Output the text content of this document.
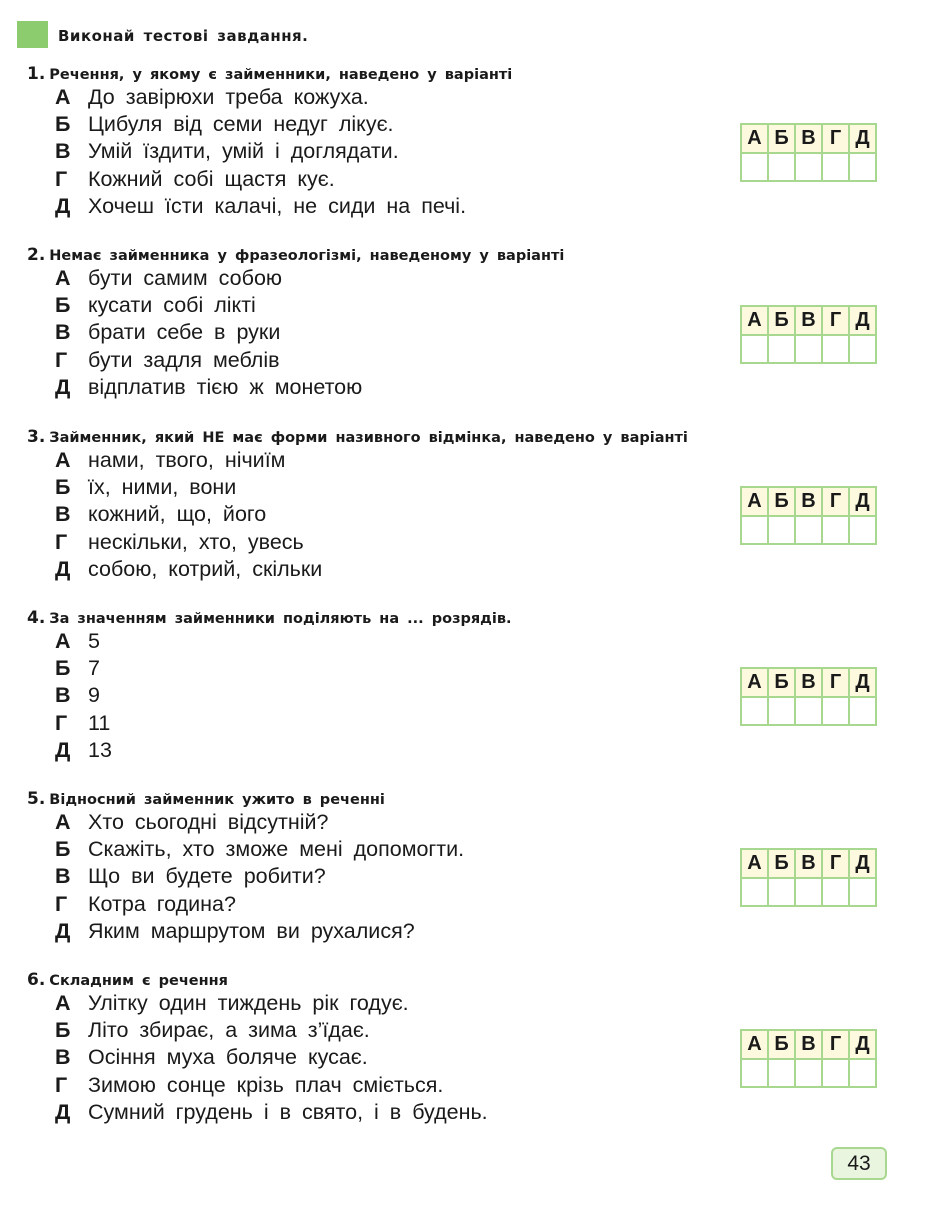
Виконай тестові завдання.
1. Речення, у якому є займенники, наведено у варіанті
А До завірюхи треба кожуха.
Б Цибуля від семи недуг лікує.
В Умій їздити, умій і доглядати.
Г Кожний собі щастя кує.
Д Хочеш їсти калачі, не сиди на печі.
А	Б	В	Г	Д

2. Немає займенника у фразеологізмі, наведеному у варіанті
А бути самим собою
Б кусати собі лікті
В брати себе в руки
Г бути задля меблів
Д відплатив тією ж монетою
А	Б	В	Г	Д

3. Займенник, який НЕ має форми називного відмінка, наведено у варіанті
А нами, твого, нічиїм
Б їх, ними, вони
В кожний, що, його
Г нескільки, хто, увесь
Д собою, котрий, скільки
А	Б	В	Г	Д

4. За значенням займенники поділяють на ... розрядів.
А 5
Б 7
В 9
Г 11
Д 13
А	Б	В	Г	Д

5. Відносний займенник ужито в реченні
А Хто сьогодні відсутній?
Б Скажіть, хто зможе мені допомогти.
В Що ви будете робити?
Г Котра година?
Д Яким маршрутом ви рухалися?
А	Б	В	Г	Д

6. Складним є речення
А Улітку один тиждень рік годує.
Б Літо збирає, а зима з’їдає.
В Осіння муха боляче кусає.
Г Зимою сонце крізь плач сміється.
Д Сумний грудень і в свято, і в будень.
А	Б	В	Г	Д

43
